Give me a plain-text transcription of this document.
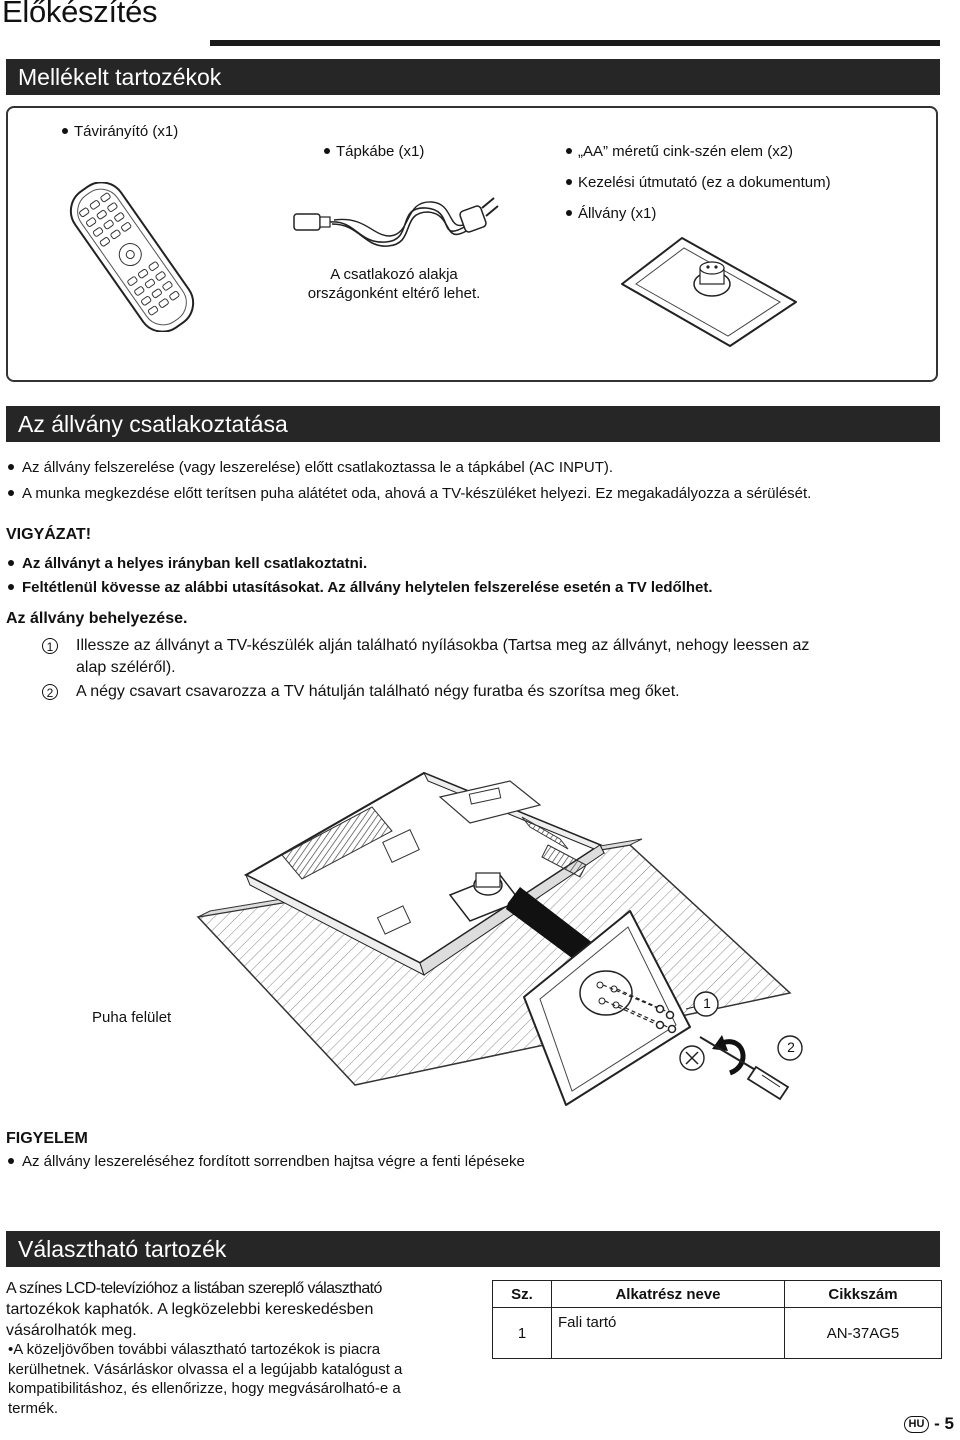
Előkészítés
Mellékelt tartozékok
Távirányító (x1)
Tápkábe (x1)
A csatlakozó alakja
országonként eltérő lehet.
„AA” méretű cink-szén elem (x2)
Kezelési útmutató (ez a dokumentum)
Állvány (x1)
Az állvány csatlakoztatása
Az állvány felszerelése (vagy leszerelése) előtt csatlakoztassa le a tápkábel (AC INPUT).
A munka megkezdése előtt terítsen puha alátétet oda, ahová a TV-készüléket helyezi. Ez megakadályozza a sérülését.
VIGYÁZAT!
Az állványt a helyes irányban kell csatlakoztatni.
Feltétlenül kövesse az alábbi utasításokat. Az állvány helytelen felszerelése esetén a TV ledőlhet.
Az állvány behelyezése.
1 Illessze az állványt a TV-készülék alján található nyílásokba (Tartsa meg az állványt, nehogy leessen az
alap széléről).
2 A négy csavart csavarozza a TV hátulján található négy furatba és szorítsa meg őket.
1
2
Puha felület
FIGYELEM
Az állvány leszereléséhez fordított sorrendben hajtsa végre a fenti lépéseke
Választható tartozék
A színes LCD-televízióhoz a listában szereplő választható
tartozékok kaphatók. A legközelebbi kereskedésben
vásárolhatók meg.
•A közeljövőben további választható tartozékok is piacra
kerülhetnek. Vásárláskor olvassa el a legújabb katalógust a
kompatibilitáshoz, és ellenőrizze, hogy megvásárolható-e a
termék.
Sz.	Alkatrész neve	Cikkszám
1	Fali tartó	AN-37AG5
HU - 5
